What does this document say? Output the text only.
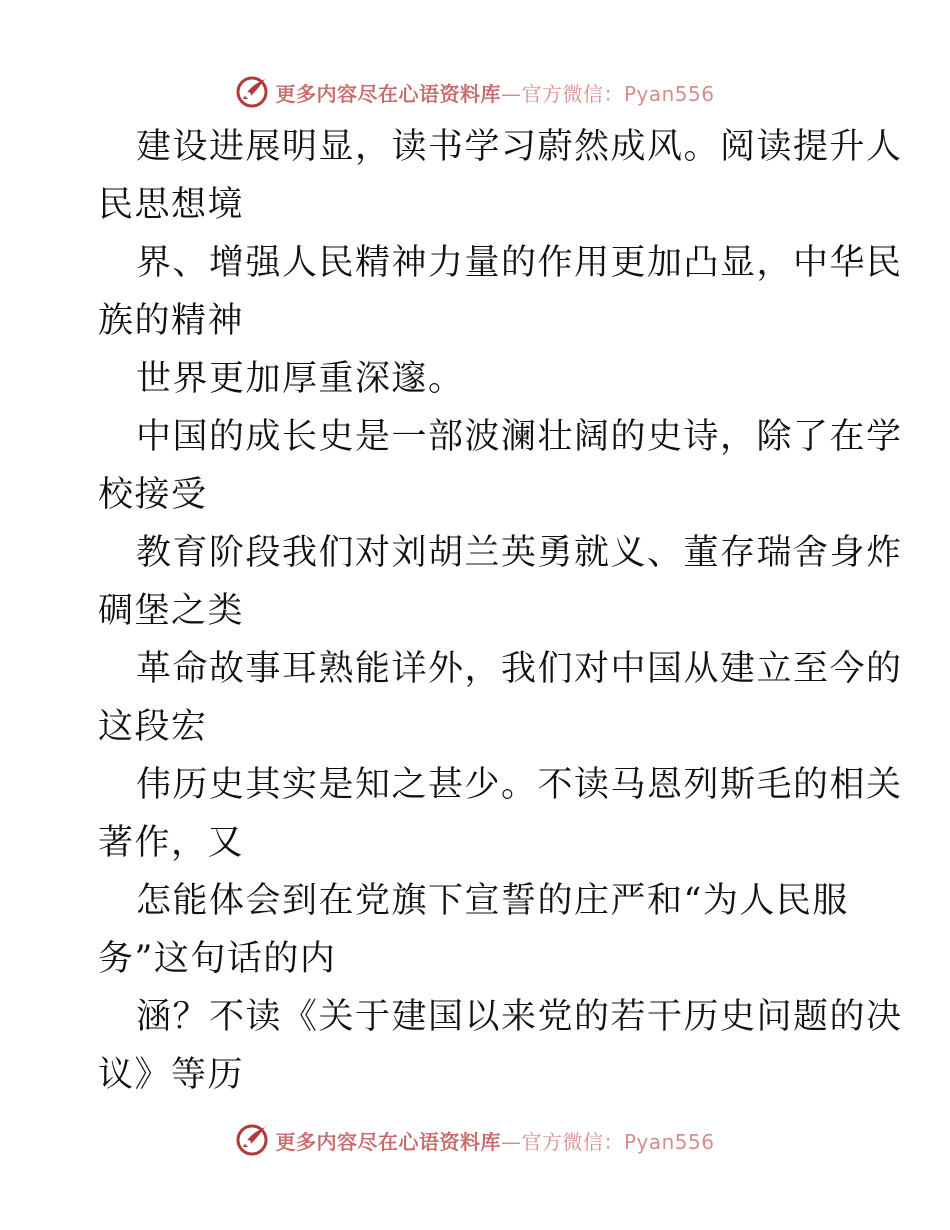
更多内容尽在心语资料库—官方微信：Pyan556
建设进展明显，读书学习蔚然成风。阅读提升人
民思想境
界、增强人民精神力量的作用更加凸显，中华民
族的精神
世界更加厚重深邃。
中国的成长史是一部波澜壮阔的史诗，除了在学
校接受
教育阶段我们对刘胡兰英勇就义、董存瑞舍身炸
碉堡之类
革命故事耳熟能详外，我们对中国从建立至今的
这段宏
伟历史其实是知之甚少。不读马恩列斯毛的相关
著作，又
怎能体会到在党旗下宣誓的庄严和“为人民服
务”这句话的内
涵？不读《关于建国以来党的若干历史问题的决
议》等历
更多内容尽在心语资料库—官方微信：Pyan556
